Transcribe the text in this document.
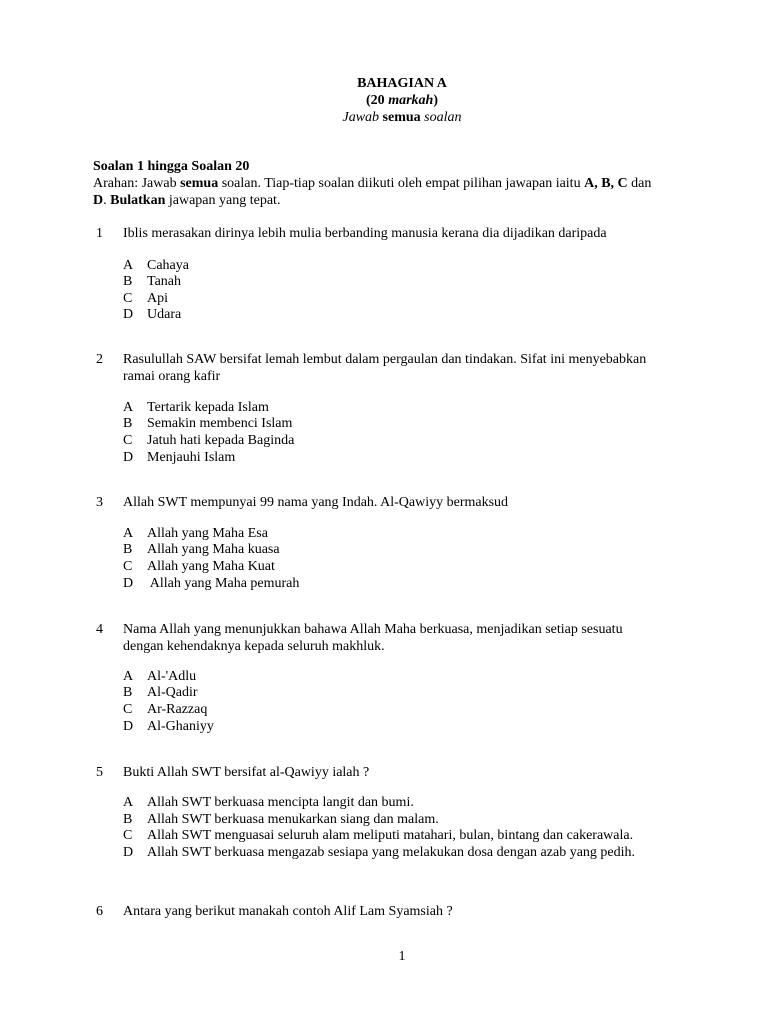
BAHAGIAN A
(20 markah )
Jawab semua soalan
Soalan 1 hingga Soalan 20
Arahan: Jawab semua soalan. Tiap-tiap soalan diikuti oleh empat pilihan jawapan iaitu A, B, C dan
D . Bulatkan jawapan yang tepat.
1	Iblis merasakan dirinya lebih mulia berbanding manusia kerana dia dijadikan daripada
A Cahaya
B	Tanah
C	Api
D Udara
2	Rasulullah SAW bersifat lemah lembut dalam pergaulan dan tindakan. Sifat ini menyebabkan
ramai orang kafir
A Tertarik kepada Islam
B	Semakin membenci Islam
C	Jatuh hati kepada Baginda
D Menjauhi Islam
3	Allah SWT mempunyai 99 nama yang Indah. Al-Qawiyy bermaksud
A Allah yang Maha Esa
B	Allah yang Maha kuasa
C	Allah yang Maha Kuat
D Allah yang Maha pemurah
4	Nama Allah yang menunjukkan bahawa Allah Maha berkuasa, menjadikan setiap sesuatu
dengan kehendaknya kepada seluruh makhluk.
A Al-'Adlu
B	Al-Qadir
C	Ar-Razzaq
D Al-Ghaniyy
5	Bukti Allah SWT bersifat al-Qawiyy ialah ?
A Allah SWT berkuasa mencipta langit dan bumi.
B	Allah SWT berkuasa menukarkan siang dan malam.
C	Allah SWT menguasai seluruh alam meliputi matahari, bulan, bintang dan cakerawala.
D Allah SWT berkuasa mengazab sesiapa yang melakukan dosa dengan azab yang pedih.
6	Antara yang berikut manakah contoh Alif Lam Syamsiah ?
1
